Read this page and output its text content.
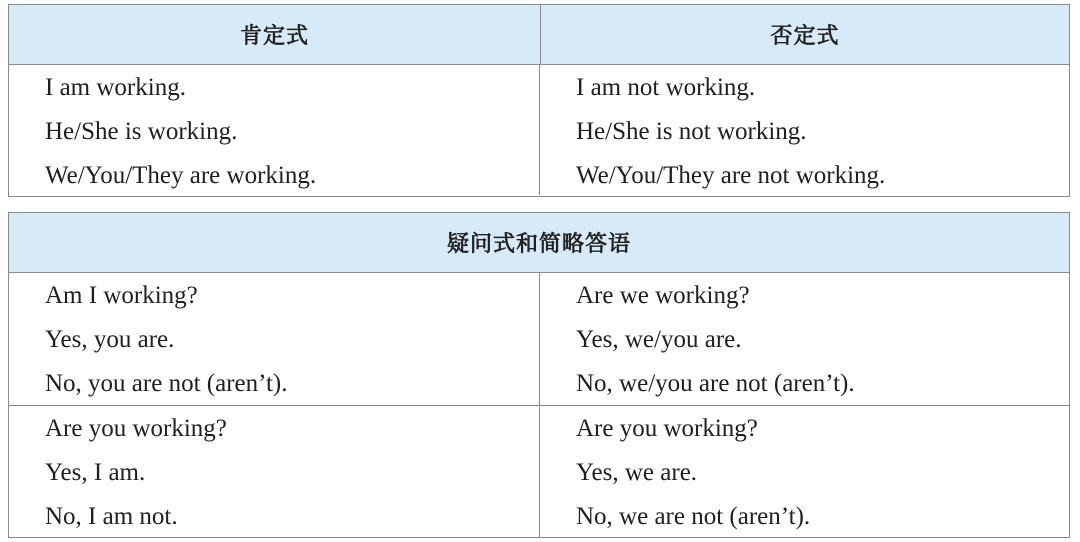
肯定式	否定式
I am working.
He/She is working.
We/You/They are working.
I am not working.
He/She is not working.
We/You/They are not working.
疑问式和简略答语
Am I working?
Yes, you are.
No, you are not (aren’t).
Are we working?
Yes, we/you are.
No, we/you are not (aren’t).
Are you working?
Yes, I am.
No, I am not.
Are you working?
Yes, we are.
No, we are not (aren’t).
